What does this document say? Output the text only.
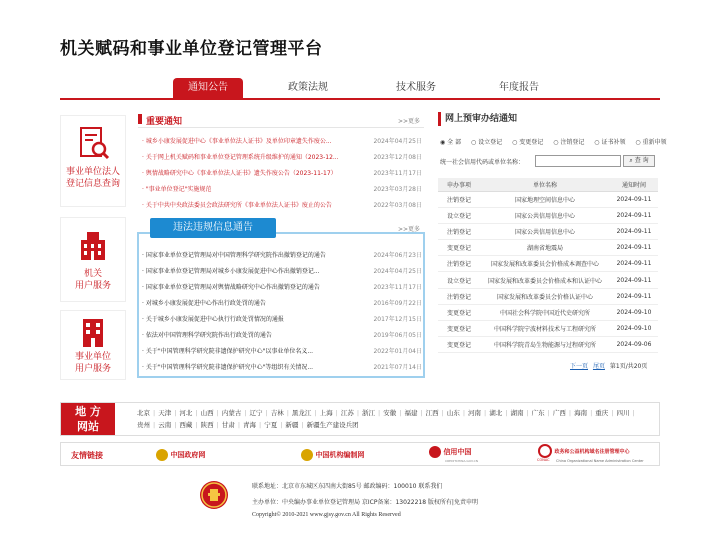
机关赋码和事业单位登记管理平台
通知公告	政策法规	技术服务	年度报告
事业单位法人
登记信息查询
机关
用户服务
事业单位
用户服务
重要通知	>>更多
· 城乡小康发展促进中心《事业单位法人证书》及单位印章遗失作废公...	2024年04月25日
· 关于网上机关赋码和事业单位登记管理系统升级维护的通知（2023-12...	2023年12月08日
· 舆情战略研究中心《事业单位法人证书》遗失作废公告（2023-11-17）	2023年11月17日
· "事业单位登记"实施规范	2023年03月28日
· 关于中共中央政法委员会政法研究所《事业单位法人证书》废止的公告	2022年03月08日
违法违规信息通告	>>更多
· 国家事业单位登记管理局对中国管理科学研究院作出撤销登记的通告	2024年06月23日
· 国家事业单位登记管理局对城乡小康发展促进中心作出撤销登记...	2024年04月25日
· 国家事业单位登记管理局对舆情战略研究中心作出撤销登记的通告	2023年11月17日
· 对城乡小康发展促进中心作出行政处罚的通告	2016年09月22日
· 关于城乡小康发展促进中心执行行政处罚情况的通报	2017年12月15日
· 依法对中国管理科学研究院作出行政处罚的通告	2019年06月05日
· 关于"中国管理科学研究院非遗保护研究中心"以事业单位名义...	2022年01月04日
· 关于"中国管理科学研究院非遗保护研究中心"等组织有关情况...	2021年07月14日
网上预审办结通知
◉ 全 部 ○ 设立登记 ○ 变更登记 ○ 注销登记 ○ 证书补领 ○ 重新申领
统一社会信用代码或单位名称：	⌕ 查 询
申办事项	单位名称	通知时间
注销登记	国家地理空间信息中心	2024-09-11
设立登记	国家公共信用信息中心	2024-09-11
注销登记	国家公共信用信息中心	2024-09-11
变更登记	湖南省地震局	2024-09-11
注销登记	国家发展和改革委员会价格成本调查中心	2024-09-11
设立登记	国家发展和改革委员会价格成本和认证中心	2024-09-11
注销登记	国家发展和改革委员会价格认证中心	2024-09-11
变更登记	中国社会科学院中国近代史研究所	2024-09-10
变更登记	中国科学院宁波材料技术与工程研究所	2024-09-10
变更登记	中国科学院青岛生物能源与过程研究所	2024-09-06
下一页 尾页 第1页/共20页
地 方
网站
北京 | 天津 | 河北 | 山西 | 内蒙古 | 辽宁 | 吉林 | 黑龙江 | 上海 | 江苏 | 浙江 | 安徽 | 福建 | 江西 | 山东 | 河南 | 湖北 | 湖南 | 广东 | 广西 | 海南 | 重庆 | 四川 |贵州 | 云南 | 西藏 | 陕西 | 甘肃 | 青海 | 宁夏 | 新疆 | 新疆生产建设兵团
友情链接	中国政府网	中国机构编制网	信用中国
CREDITCHINA.GOV.CN
政务和公益机构域名注册管理中心
China Organizational Name Administration Center
CONAC
联系地址：北京市东城区东四南大街85号 邮政编码：100010 联系我们
主办单位：中央编办事业单位登记管理局 京ICP备案：13022218 版权所有|免责申明
Copyright© 2010-2021 www.gjsy.gov.cn All Rights Reserved
